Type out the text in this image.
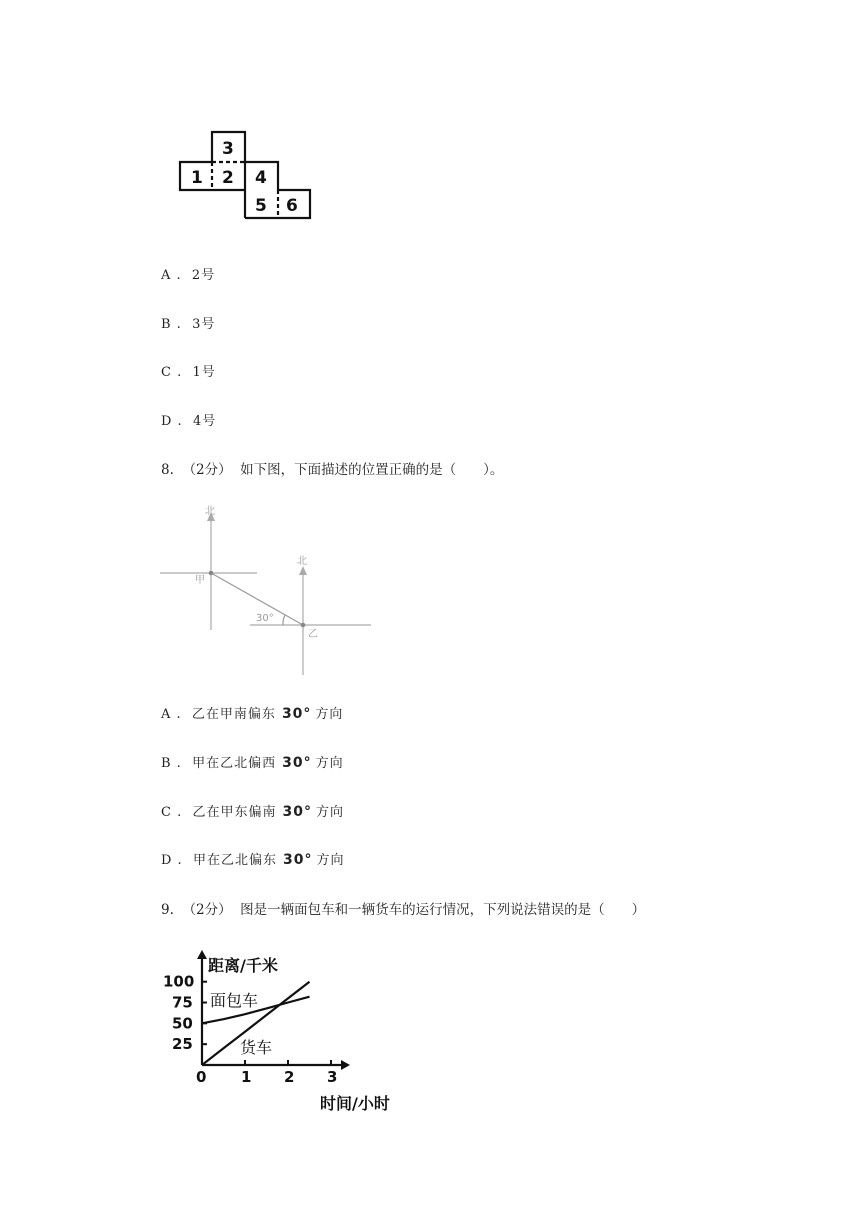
1 2
3
4
5 6
A . 2号
B . 3号
C . 1号
D . 4号
8. （2分） 如下图，下面描述的位置正确的是（　　）。
北
北
甲
乙
30°
A . 乙在甲南偏东 30° 方向
B . 甲在乙北偏西 30° 方向
C . 乙在甲东偏南 30° 方向
D . 甲在乙北偏东 30° 方向
9. （2分） 图是一辆面包车和一辆货车的运行情况，下列说法错误的是（　　）
0 1 2 3
25
50
75
100
面包车
货车
距离/千米
时间/小时
